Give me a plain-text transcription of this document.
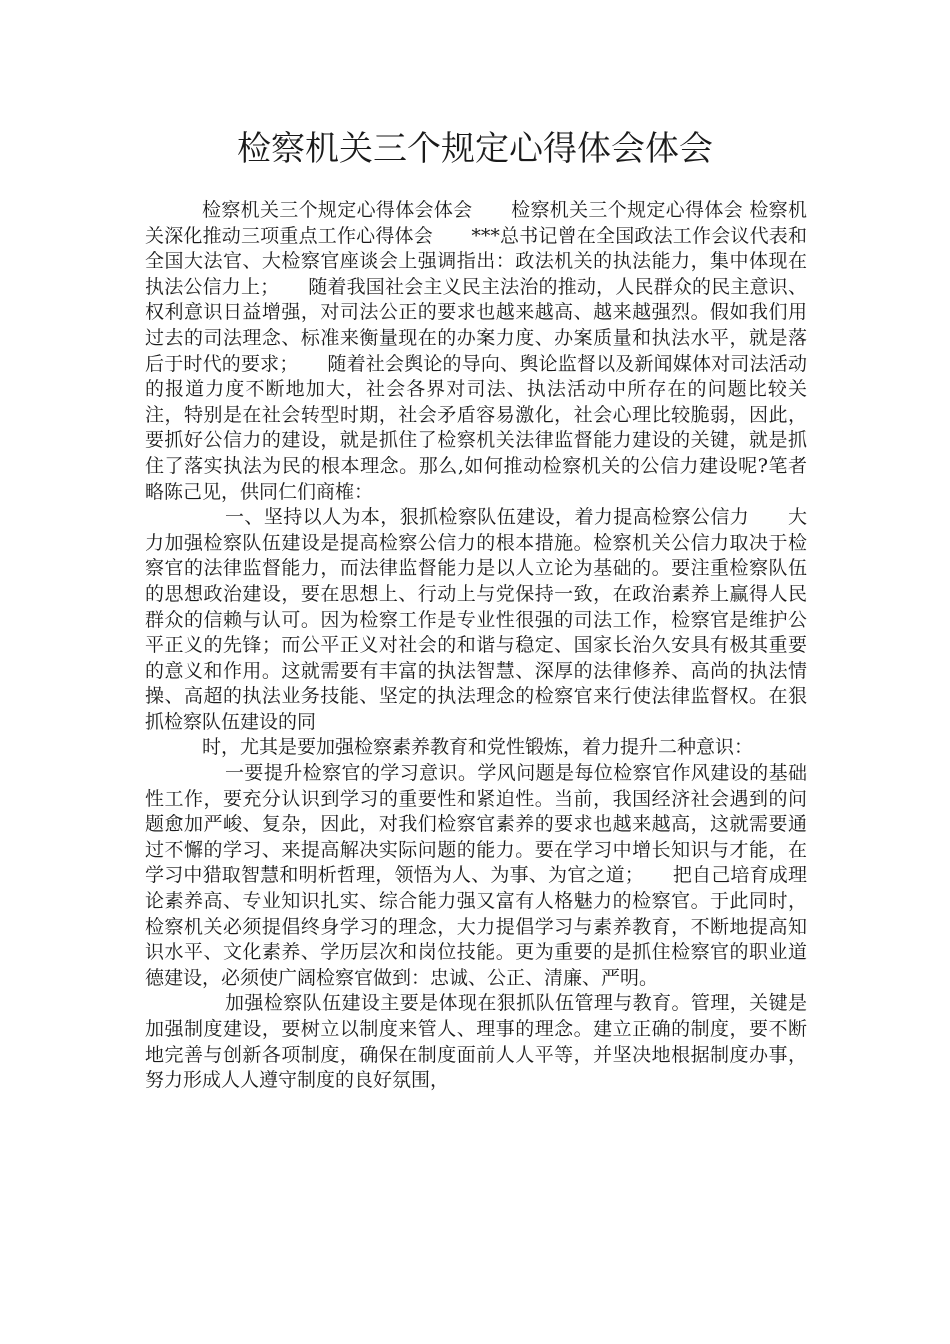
检察机关三个规定心得体会体会

检察机关三个规定心得体会体会　　检察机关三个规定心得体会 检察机关深化推动三项重点工作心得体会　　***总书记曾在全国政法工作会议代表和全国大法官、大检察官座谈会上强调指出：政法机关的执法能力，集中体现在执法公信力上；　　随着我国社会主义民主法治的推动，人民群众的民主意识、权利意识日益增强，对司法公正的要求也越来越高、越来越强烈。假如我们用过去的司法理念、标准来衡量现在的办案力度、办案质量和执法水平，就是落后于时代的要求；　　随着社会舆论的导向、舆论监督以及新闻媒体对司法活动的报道力度不断地加大，社会各界对司法、执法活动中所存在的问题比较关注，特别是在社会转型时期，社会矛盾容易激化，社会心理比较脆弱，因此，要抓好公信力的建设，就是抓住了检察机关法律监督能力建设的关键，就是抓住了落实执法为民的根本理念。那么,如何推动检察机关的公信力建设呢?笔者略陈己见，供同仁们商榷：

一、坚持以人为本，狠抓检察队伍建设，着力提高检察公信力　　大力加强检察队伍建设是提高检察公信力的根本措施。检察机关公信力取决于检察官的法律监督能力，而法律监督能力是以人立论为基础的。要注重检察队伍的思想政治建设，要在思想上、行动上与党保持一致，在政治素养上赢得人民群众的信赖与认可。因为检察工作是专业性很强的司法工作，检察官是维护公平正义的先锋；而公平正义对社会的和谐与稳定、国家长治久安具有极其重要的意义和作用。这就需要有丰富的执法智慧、深厚的法律修养、高尚的执法情操、高超的执法业务技能、坚定的执法理念的检察官来行使法律监督权。在狠抓检察队伍建设的同

时，尤其是要加强检察素养教育和党性锻炼，着力提升二种意识：

一要提升检察官的学习意识。学风问题是每位检察官作风建设的基础性工作，要充分认识到学习的重要性和紧迫性。当前，我国经济社会遇到的问题愈加严峻、复杂，因此，对我们检察官素养的要求也越来越高，这就需要通过不懈的学习、来提高解决实际问题的能力。要在学习中增长知识与才能，在学习中猎取智慧和明析哲理，领悟为人、为事、为官之道；　　把自己培育成理论素养高、专业知识扎实、综合能力强又富有人格魅力的检察官。于此同时，检察机关必须提倡终身学习的理念，大力提倡学习与素养教育，不断地提高知识水平、文化素养、学历层次和岗位技能。更为重要的是抓住检察官的职业道德建设，必须使广阔检察官做到：忠诚、公正、清廉、严明。

加强检察队伍建设主要是体现在狠抓队伍管理与教育。管理，关键是加强制度建设，要树立以制度来管人、理事的理念。建立正确的制度，要不断地完善与创新各项制度，确保在制度面前人人平等，并坚决地根据制度办事，努力形成人人遵守制度的良好氛围，
